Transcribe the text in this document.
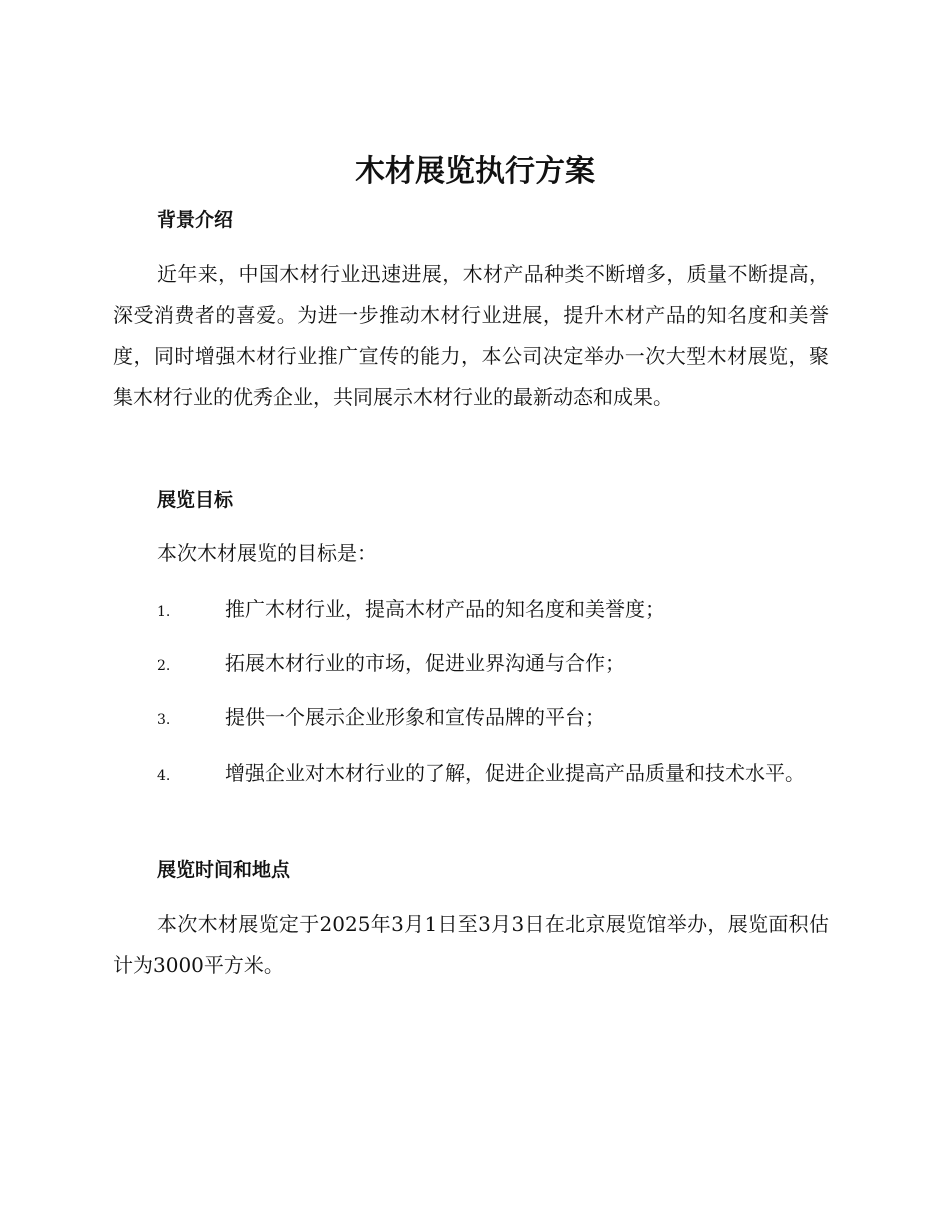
木材展览执行方案
背景介绍

近年来，中国木材行业迅速进展，木材产品种类不断增多，质量不断提高，深受消费者的喜爱。为进一步推动木材行业进展，提升木材产品的知名度和美誉度，同时增强木材行业推广宣传的能力，本公司决定举办一次大型木材展览，聚集木材行业的优秀企业，共同展示木材行业的最新动态和成果。

展览目标

本次木材展览的目标是：

1.	推广木材行业，提高木材产品的知名度和美誉度；
2.	拓展木材行业的市场，促进业界沟通与合作；
3.	提供一个展示企业形象和宣传品牌的平台；
4.	增强企业对木材行业的了解，促进企业提高产品质量和技术水平。
展览时间和地点

本次木材展览定于2025年3月1日至3月3日在北京展览馆举办，展览面积估计为3000平方米。
